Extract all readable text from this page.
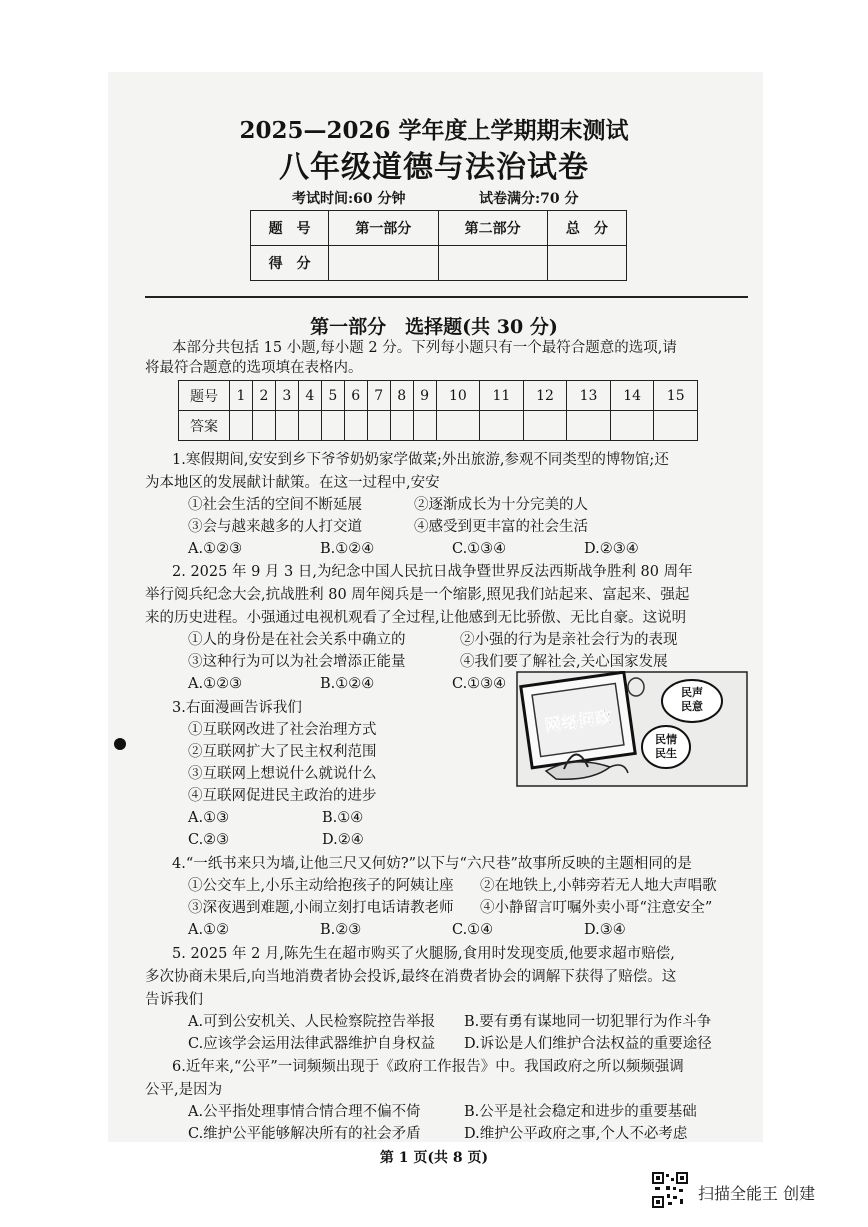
2025—2026 学年度上学期期末测试
八年级道德与法治试卷
考试时间:60 分钟	试卷满分:70 分
题　号	第一部分	第二部分	总　分
得　分			
第一部分　选择题(共 30 分)
本部分共包括 15 小题,每小题 2 分。下列每小题只有一个最符合题意的选项,请
将最符合题意的选项填在表格内。
题号	1	2	3	4	5	6	7	8	9	10	11	12	13	14	15
答案															
1.寒假期间,安安到乡下爷爷奶奶家学做菜;外出旅游,参观不同类型的博物馆;还
为本地区的发展献计献策。在这一过程中,安安
①社会生活的空间不断延展	②逐渐成长为十分完美的人
③会与越来越多的人打交道	④感受到更丰富的社会生活
A.①②③	B.①②④	C.①③④	D.②③④
2. 2025 年 9 月 3 日,为纪念中国人民抗日战争暨世界反法西斯战争胜利 80 周年
举行阅兵纪念大会,抗战胜利 80 周年阅兵是一个缩影,照见我们站起来、富起来、强起
来的历史进程。小强通过电视机观看了全过程,让他感到无比骄傲、无比自豪。这说明
①人的身份是在社会关系中确立的	②小强的行为是亲社会行为的表现
③这种行为可以为社会增添正能量	④我们要了解社会,关心国家发展
A.①②③	B.①②④	C.①③④
3.右面漫画告诉我们
①互联网改进了社会治理方式
②互联网扩大了民主权利范围
③互联网上想说什么就说什么
④互联网促进民主政治的进步
A.①③	B.①④
C.②③	D.②④
网络问政
民声
民意
民情
民生
4.“一纸书来只为墙,让他三尺又何妨?”以下与“六尺巷”故事所反映的主题相同的是
①公交车上,小乐主动给抱孩子的阿姨让座 ②在地铁上,小韩旁若无人地大声唱歌
③深夜遇到难题,小闹立刻打电话请教老师 ④小静留言叮嘱外卖小哥“注意安全”
A.①②	B.②③	C.①④	D.③④
5. 2025 年 2 月,陈先生在超市购买了火腿肠,食用时发现变质,他要求超市赔偿,
多次协商未果后,向当地消费者协会投诉,最终在消费者协会的调解下获得了赔偿。这
告诉我们
A.可到公安机关、人民检察院控告举报 B.要有勇有谋地同一切犯罪行为作斗争
C.应该学会运用法律武器维护自身权益 D.诉讼是人们维护合法权益的重要途径
6.近年来,“公平”一词频频出现于《政府工作报告》中。我国政府之所以频频强调
公平,是因为
A.公平指处理事情合情合理不偏不倚	B.公平是社会稳定和进步的重要基础
C.维护公平能够解决所有的社会矛盾	D.维护公平政府之事,个人不必考虑
第 1 页(共 8 页)
扫描全能王 创建
